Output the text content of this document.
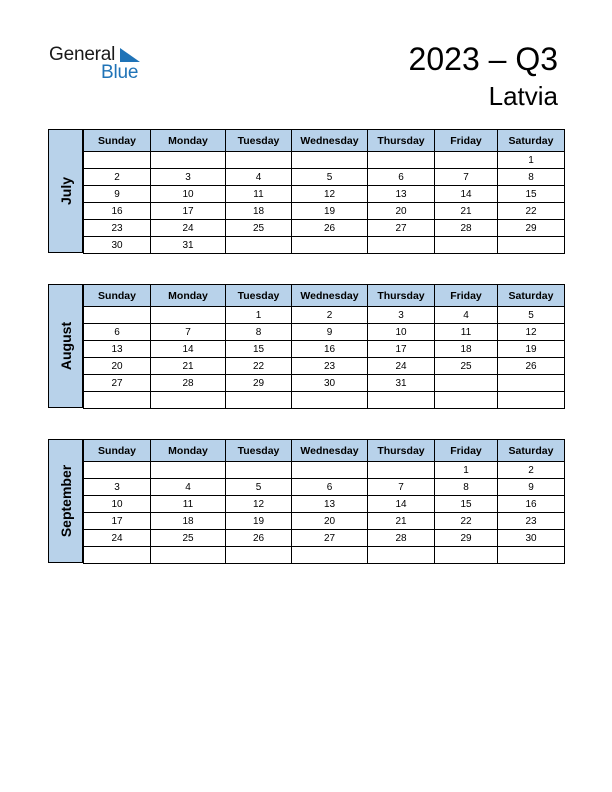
General
Blue	2023 – Q3
Latvia
July
Sunday	Monday	Tuesday	Wednesday	Thursday	Friday	Saturday
						1
2	3	4	5	6	7	8
9	10	11	12	13	14	15
16	17	18	19	20	21	22
23	24	25	26	27	28	29
30	31					
August
Sunday	Monday	Tuesday	Wednesday	Thursday	Friday	Saturday
		1	2	3	4	5
6	7	8	9	10	11	12
13	14	15	16	17	18	19
20	21	22	23	24	25	26
27	28	29	30	31		

September
Sunday	Monday	Tuesday	Wednesday	Thursday	Friday	Saturday
					1	2
3	4	5	6	7	8	9
10	11	12	13	14	15	16
17	18	19	20	21	22	23
24	25	26	27	28	29	30
